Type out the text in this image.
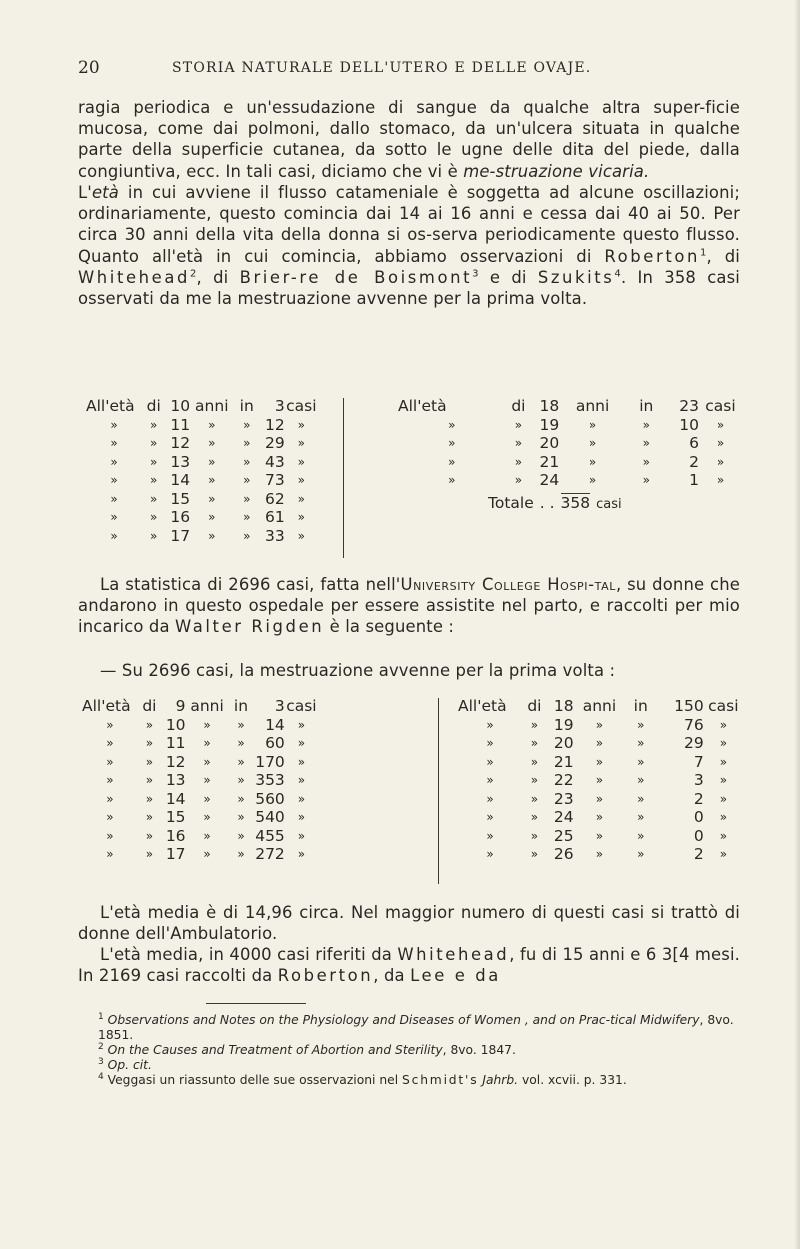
20	STORIA NATURALE DELL'UTERO E DELLE OVAJE.
ragia periodica e un'essudazione di sangue da qualche altra super-ficie mucosa, come dai polmoni, dallo stomaco, da un'ulcera situata in qualche parte della superficie cutanea, da sotto le ugne delle dita del piede, dalla congiuntiva, ecc. In tali casi, diciamo che vi è me-struazione vicaria.
L'età in cui avviene il flusso catameniale è soggetta ad alcune oscillazioni; ordinariamente, questo comincia dai 14 ai 16 anni e cessa dai 40 ai 50. Per circa 30 anni della vita della donna si os-serva periodicamente questo flusso. Quanto all'età in cui comincia, abbiamo osservazioni di Roberton$^1$, di Whitehead$^2$, di Brier-re de Boismont$^3$ e di Szukits$^4$. In 358 casi osservati da me la mestruazione avvenne per la prima volta.
All'età	di	10	anni	in	3	casi
»	»	11	»	»	12	»
»	»	12	»	»	29	»
»	»	13	»	»	43	»
»	»	14	»	»	73	»
»	»	15	»	»	62	»
»	»	16	»	»	61	»
»	»	17	»	»	33	»
All'età	di	18	anni	in	23	casi
»	»	19	»	»	10	»
»	»	20	»	»	6	»
»	»	21	»	»	2	»
»	»	24	»	»	1	»
Totale . . 358 casi						
La statistica di 2696 casi, fatta nell'University College Hospi-tal, su donne che andarono in questo ospedale per essere assistite nel parto, e raccolti per mio incarico da Walter Rigden è la seguente :
— Su 2696 casi, la mestruazione avvenne per la prima volta :
All'età	di	9	anni	in	3	casi
»	»	10	»	»	14	»
»	»	11	»	»	60	»
»	»	12	»	»	170	»
»	»	13	»	»	353	»
»	»	14	»	»	560	»
»	»	15	»	»	540	»
»	»	16	»	»	455	»
»	»	17	»	»	272	»
All'età	di	18	anni	in	150	casi
»	»	19	»	»	76	»
»	»	20	»	»	29	»
»	»	21	»	»	7	»
»	»	22	»	»	3	»
»	»	23	»	»	2	»
»	»	24	»	»	0	»
»	»	25	»	»	0	»
»	»	26	»	»	2	»
L'età media è di 14,96 circa. Nel maggior numero di questi casi si trattò di donne dell'Ambulatorio.
L'età media, in 4000 casi riferiti da Whitehead, fu di 15 anni e 6 3[4 mesi. In 2169 casi raccolti da Roberton, da Lee e da

$^1$ Observations and Notes on the Physiology and Diseases of Women , and on Prac-tical Midwifery, 8vo. 1851.

$^2$ On the Causes and Treatment of Abortion and Sterility, 8vo. 1847.

$^3$ Op. cit.

$^4$ Veggasi un riassunto delle sue osservazioni nel Schmidt's Jahrb. vol. xcvii. p. 331.
